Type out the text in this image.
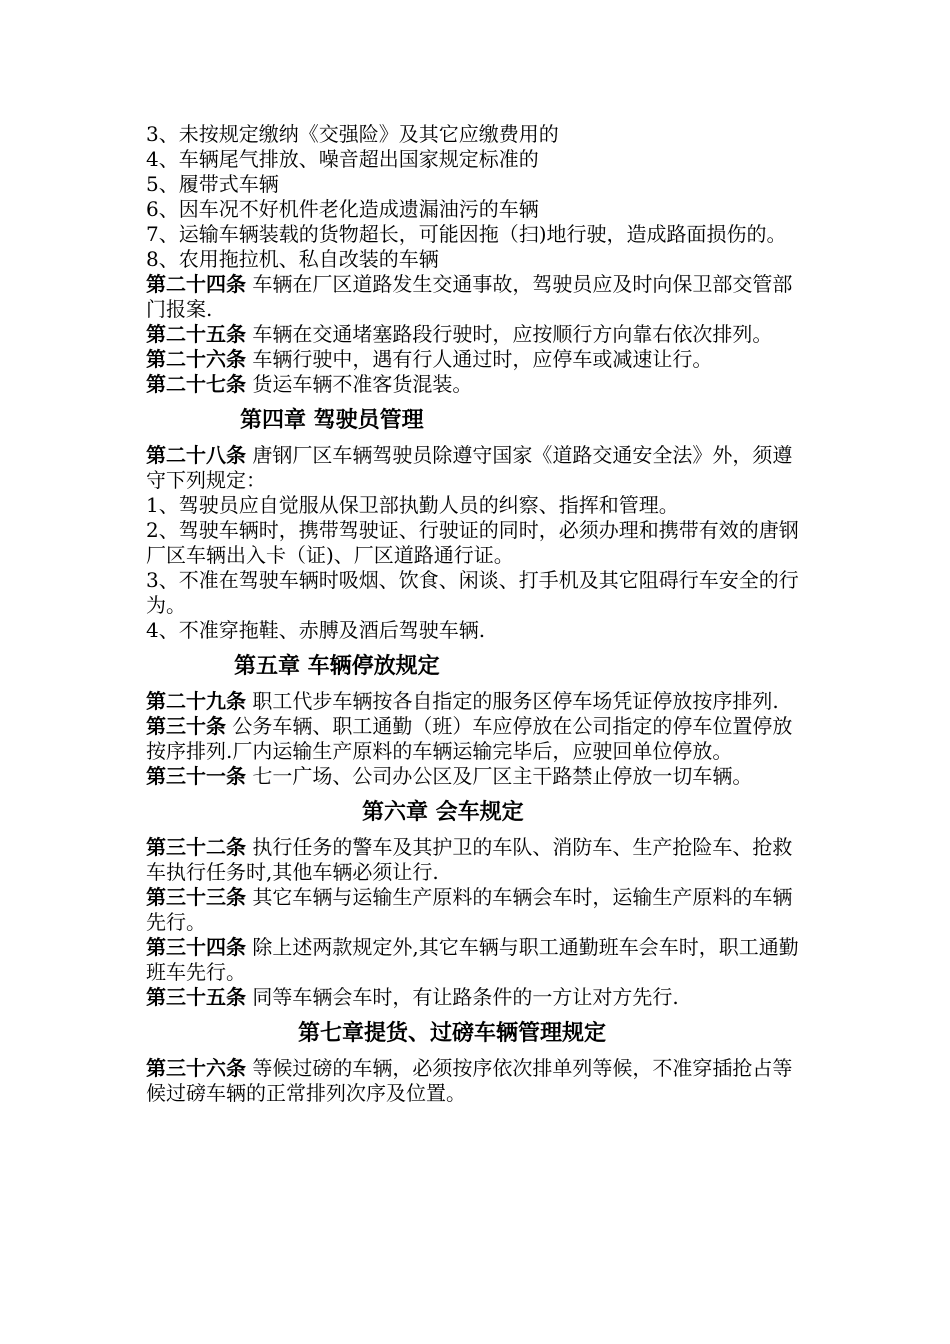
3、未按规定缴纳《交强险》及其它应缴费用的

4、车辆尾气排放、噪音超出国家规定标准的

5、履带式车辆

6、因车况不好机件老化造成遗漏油污的车辆

7、运输车辆装载的货物超长，可能因拖（扫)地行驶，造成路面损伤的。

8、农用拖拉机、私自改装的车辆

第二十四条 车辆在厂区道路发生交通事故，驾驶员应及时向保卫部交管部门报案.

第二十五条 车辆在交通堵塞路段行驶时，应按顺行方向靠右依次排列。

第二十六条 车辆行驶中，遇有行人通过时，应停车或减速让行。

第二十七条 货运车辆不准客货混装。

第四章 驾驶员管理

第二十八条 唐钢厂区车辆驾驶员除遵守国家《道路交通安全法》外，须遵守下列规定：

1、驾驶员应自觉服从保卫部执勤人员的纠察、指挥和管理。

2、驾驶车辆时，携带驾驶证、行驶证的同时，必须办理和携带有效的唐钢厂区车辆出入卡（证)、厂区道路通行证。

3、不准在驾驶车辆时吸烟、饮食、闲谈、打手机及其它阻碍行车安全的行为。

4、不准穿拖鞋、赤膊及酒后驾驶车辆.

第五章 车辆停放规定

第二十九条 职工代步车辆按各自指定的服务区停车场凭证停放按序排列.

第三十条 公务车辆、职工通勤（班）车应停放在公司指定的停车位置停放按序排列.厂内运输生产原料的车辆运输完毕后，应驶回单位停放。

第三十一条 七一广场、公司办公区及厂区主干路禁止停放一切车辆。

第六章 会车规定

第三十二条 执行任务的警车及其护卫的车队、消防车、生产抢险车、抢救车执行任务时,其他车辆必须让行.

第三十三条 其它车辆与运输生产原料的车辆会车时，运输生产原料的车辆先行。

第三十四条 除上述两款规定外,其它车辆与职工通勤班车会车时，职工通勤班车先行。

第三十五条 同等车辆会车时，有让路条件的一方让对方先行.

第七章提货、过磅车辆管理规定

第三十六条 等候过磅的车辆，必须按序依次排单列等候，不准穿插抢占等候过磅车辆的正常排列次序及位置。
